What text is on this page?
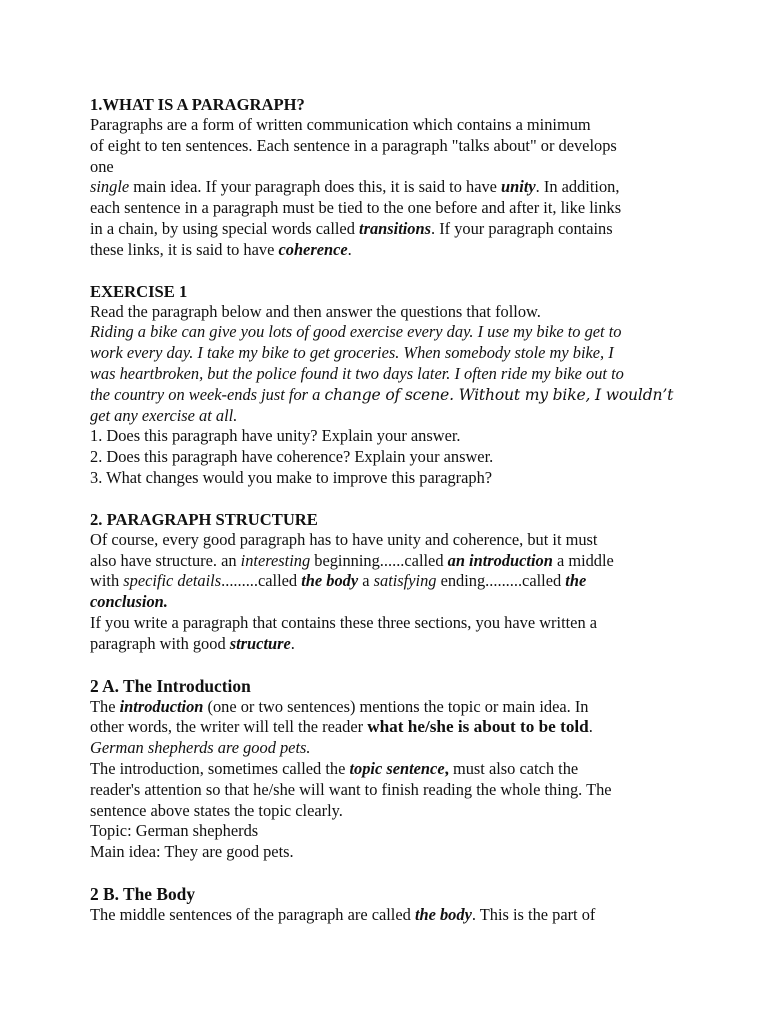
1.WHAT IS A PARAGRAPH?

Paragraphs are a form of written communication which contains a minimum
of eight to ten sentences. Each sentence in a paragraph "talks about" or develops
one
single main idea. If your paragraph does this, it is said to have unity. In addition,
each sentence in a paragraph must be tied to the one before and after it, like links
in a chain, by using special words called transitions. If your paragraph contains
these links, it is said to have coherence.

EXERCISE 1

Read the paragraph below and then answer the questions that follow.
Riding a bike can give you lots of good exercise every day. I use my bike to get to
work every day. I take my bike to get groceries. When somebody stole my bike, I
was heartbroken, but the police found it two days later. I often ride my bike out to
the country on week-ends just for a change of scene. Without my bike, I wouldn’t
get any exercise at all.
1. Does this paragraph have unity? Explain your answer.
2. Does this paragraph have coherence? Explain your answer.
3. What changes would you make to improve this paragraph?

2. PARAGRAPH STRUCTURE

Of course, every good paragraph has to have unity and coherence, but it must
also have structure. an interesting beginning......called an introduction a middle
with specific details.........called the body a satisfying ending.........called the
conclusion.
If you write a paragraph that contains these three sections, you have written a
paragraph with good structure.

2 A. The Introduction

The introduction (one or two sentences) mentions the topic or main idea. In
other words, the writer will tell the reader what he/she is about to be told.
German shepherds are good pets.
The introduction, sometimes called the topic sentence, must also catch the
reader's attention so that he/she will want to finish reading the whole thing. The
sentence above states the topic clearly.
Topic: German shepherds
Main idea: They are good pets.

2 B. The Body

The middle sentences of the paragraph are called the body. This is the part of
